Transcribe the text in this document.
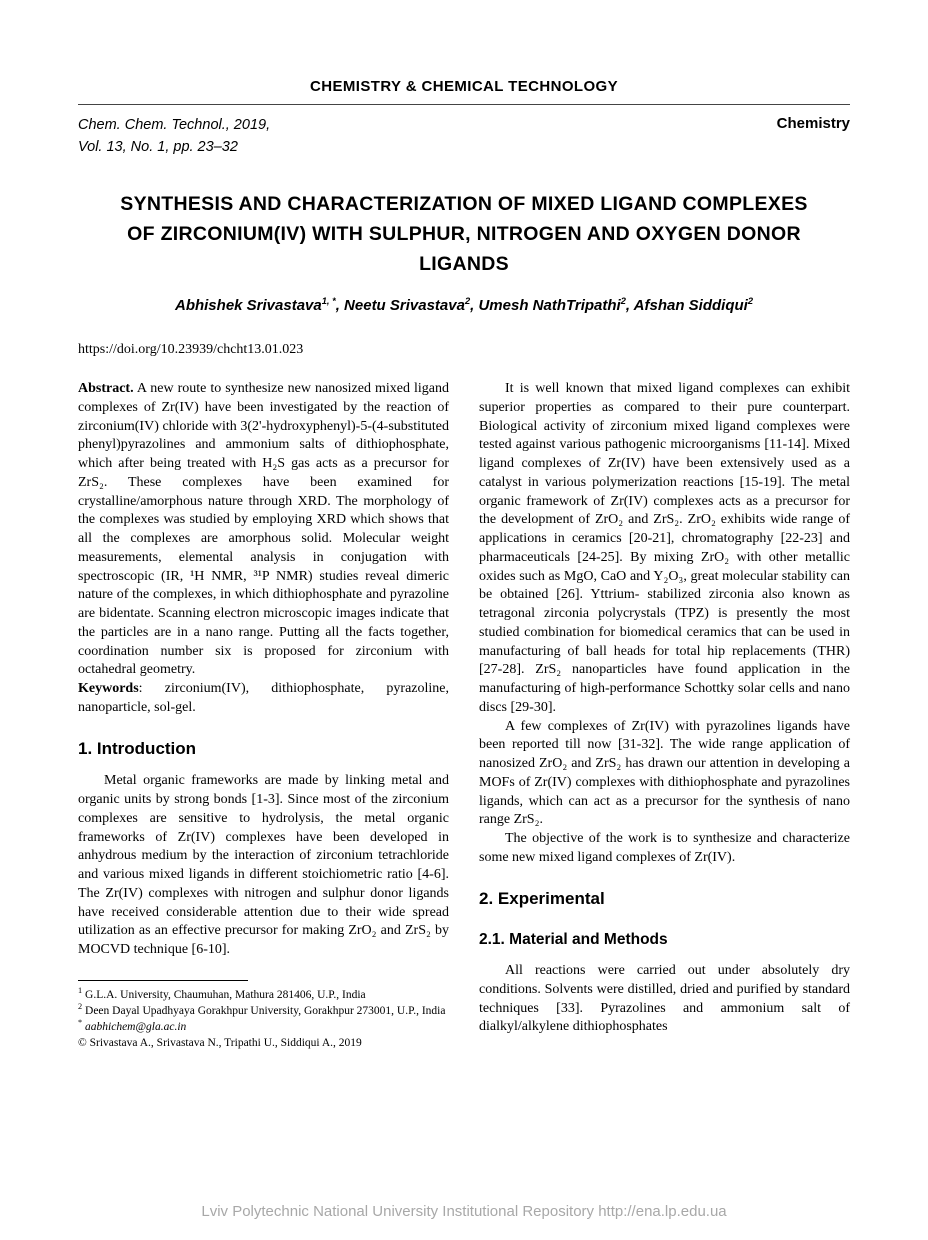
CHEMISTRY & CHEMICAL TECHNOLOGY
Chem. Chem. Technol., 2019,
Vol. 13, No. 1, pp. 23–32
Chemistry
SYNTHESIS AND CHARACTERIZATION OF MIXED LIGAND COMPLEXES OF ZIRCONIUM(IV) WITH SULPHUR, NITROGEN AND OXYGEN DONOR LIGANDS
Abhishek Srivastava$^{1, *}$, Neetu Srivastava$^2$, Umesh NathTripathi$^2$, Afshan Siddiqui$^2$
https://doi.org/10.23939/chcht13.01.023

Abstract. A new route to synthesize new nanosized mixed ligand complexes of Zr(IV) have been investigated by the reaction of zirconium(IV) chloride with 3(2'-hydroxyphenyl)-5-(4-substituted phenyl)pyrazolines and ammonium salts of dithiophosphate, which after being treated with H₂S gas acts as a precursor for ZrS₂. These complexes have been examined for crystalline/amorphous nature through XRD. The morphology of the complexes was studied by employing XRD which shows that all the complexes are amorphous solid. Molecular weight measurements, elemental analysis in conjugation with spectroscopic (IR, ¹H NMR, ³¹P NMR) studies reveal dimeric nature of the complexes, in which dithiophosphate and pyrazoline are bidentate. Scanning electron microscopic images indicate that the particles are in a nano range. Putting all the facts together, coordination number six is proposed for zirconium with octahedral geometry.

Keywords: zirconium(IV), dithiophosphate, pyrazoline, nanoparticle, sol-gel.

1. Introduction

Metal organic frameworks are made by linking metal and organic units by strong bonds [1-3]. Since most of the zirconium complexes are sensitive to hydrolysis, the metal organic frameworks of Zr(IV) complexes have been developed in anhydrous medium by the interaction of zirconium tetrachloride and various mixed ligands in different stoichiometric ratio [4-6]. The Zr(IV) complexes with nitrogen and sulphur donor ligands have received considerable attention due to their wide spread utilization as an effective precursor for making ZrO₂ and ZrS₂ by MOCVD technique [6-10].

$^1$ G.L.A. University, Chaumuhan, Mathura 281406, U.P., India
$^2$ Deen Dayal Upadhyaya Gorakhpur University, Gorakhpur 273001, U.P., India
* aabhichem@gla.ac.in
© Srivastava A., Srivastava N., Tripathi U., Siddiqui A., 2019

It is well known that mixed ligand complexes can exhibit superior properties as compared to their pure counterpart. Biological activity of zirconium mixed ligand complexes were tested against various pathogenic microorganisms [11-14]. Mixed ligand complexes of Zr(IV) have been extensively used as a catalyst in various polymerization reactions [15-19]. The metal organic framework of Zr(IV) complexes acts as a precursor for the development of ZrO₂ and ZrS₂. ZrO₂ exhibits wide range of applications in ceramics [20-21], chromatography [22-23] and pharmaceuticals [24-25]. By mixing ZrO₂ with other metallic oxides such as MgO, CaO and Y₂O₃, great molecular stability can be obtained [26]. Yttrium- stabilized zirconia also known as tetragonal zirconia polycrystals (TPZ) is presently the most studied combination for biomedical ceramics that can be used in manufacturing of ball heads for total hip replacements (THR) [27-28]. ZrS₂ nanoparticles have found application in the manufacturing of high-performance Schottky solar cells and nano discs [29-30].

A few complexes of Zr(IV) with pyrazolines ligands have been reported till now [31-32]. The wide range application of nanosized ZrO₂ and ZrS₂ has drawn our attention in developing a MOFs of Zr(IV) complexes with dithiophosphate and pyrazolines ligands, which can act as a precursor for the synthesis of nano range ZrS₂.

The objective of the work is to synthesize and characterize some new mixed ligand complexes of Zr(IV).

2. Experimental
2.1. Material and Methods

All reactions were carried out under absolutely dry conditions. Solvents were distilled, dried and purified by standard techniques [33]. Pyrazolines and ammonium salt of dialkyl/alkylene dithiophosphates

Lviv Polytechnic National University Institutional Repository http://ena.lp.edu.ua
